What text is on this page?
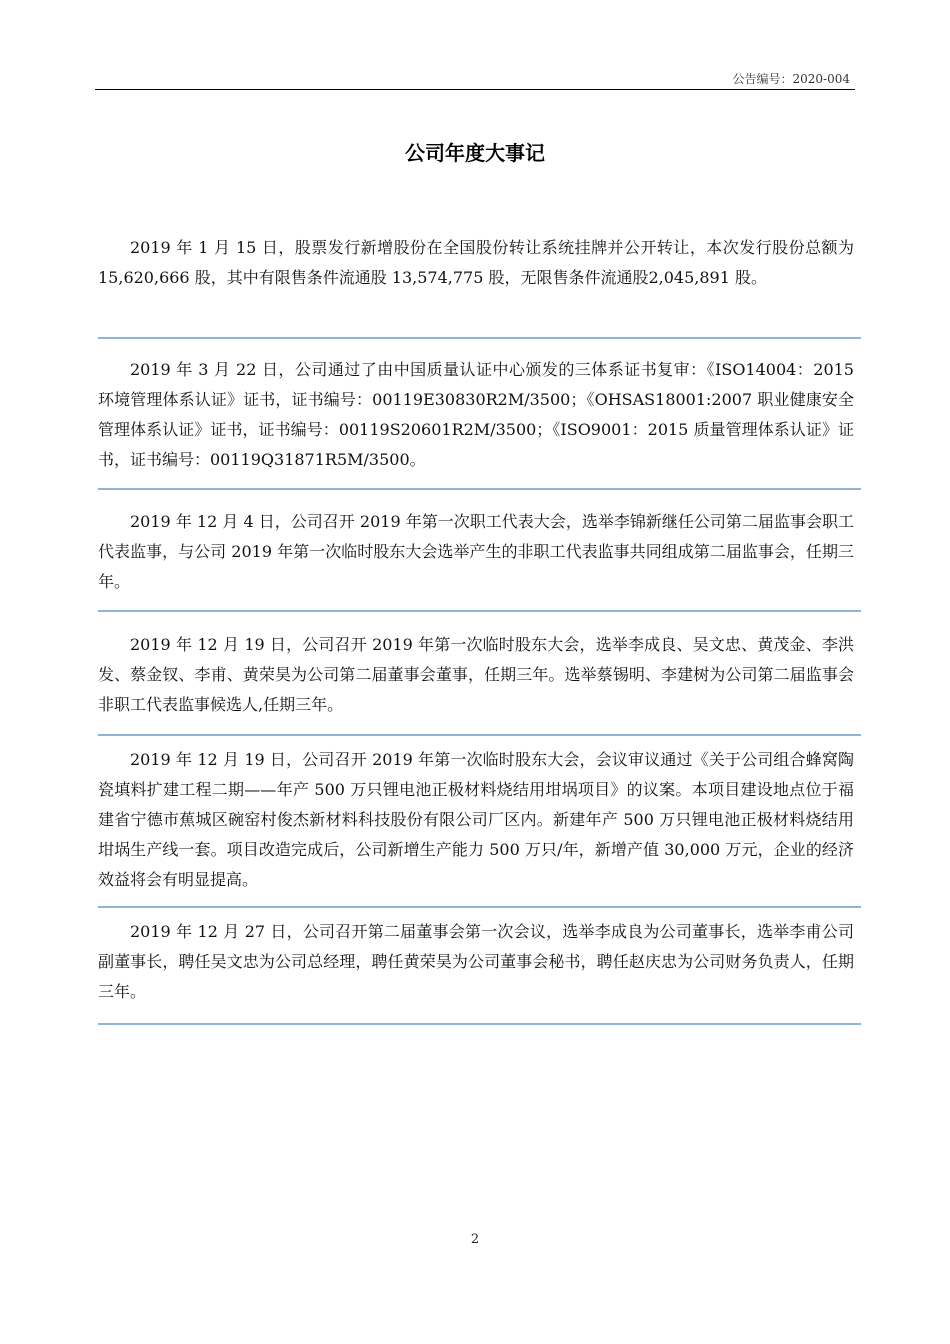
公告编号：2020-004
公司年度大事记

2019 年 1 月 15 日，股票发行新增股份在全国股份转让系统挂牌并公开转让，本次发行股份总额为 15,620,666 股，其中有限售条件流通股 13,574,775 股，无限售条件流通股2,045,891 股。

2019 年 3 月 22 日，公司通过了由中国质量认证中心颁发的三体系证书复审：《ISO14004：2015 环境管理体系认证》证书，证书编号：00119E30830R2M/3500；《OHSAS18001:2007 职业健康安全管理体系认证》证书，证书编号：00119S20601R2M/3500；《ISO9001：2015 质量管理体系认证》证书，证书编号：00119Q31871R5M/3500。

2019 年 12 月 4 日，公司召开 2019 年第一次职工代表大会，选举李锦新继任公司第二届监事会职工代表监事，与公司 2019 年第一次临时股东大会选举产生的非职工代表监事共同组成第二届监事会，任期三年。

2019 年 12 月 19 日，公司召开 2019 年第一次临时股东大会，选举李成良、吴文忠、黄茂金、李洪发、蔡金钗、李甫、黄荣昊为公司第二届董事会董事，任期三年。选举蔡锡明、李建树为公司第二届监事会非职工代表监事候选人,任期三年。

2019 年 12 月 19 日，公司召开 2019 年第一次临时股东大会，会议审议通过《关于公司组合蜂窝陶瓷填料扩建工程二期——年产 500 万只锂电池正极材料烧结用坩埚项目》的议案。本项目建设地点位于福建省宁德市蕉城区碗窑村俊杰新材料科技股份有限公司厂区内。新建年产 500 万只锂电池正极材料烧结用坩埚生产线一套。项目改造完成后，公司新增生产能力 500 万只/年，新增产值 30,000 万元，企业的经济效益将会有明显提高。

2019 年 12 月 27 日，公司召开第二届董事会第一次会议，选举李成良为公司董事长，选举李甫公司副董事长，聘任吴文忠为公司总经理，聘任黄荣昊为公司董事会秘书，聘任赵庆忠为公司财务负责人，任期三年。

2
